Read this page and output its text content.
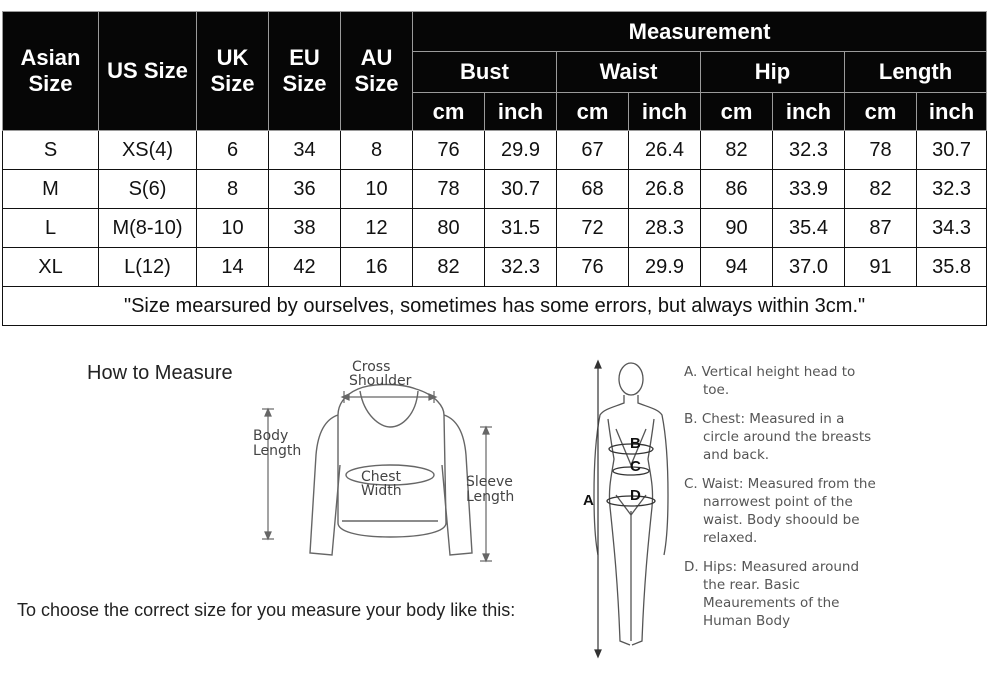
Asian Size	US Size	UK Size	EU Size	AU Size	Measurement							
					Bust		Waist		Hip		Length	
					cm	inch	cm	inch	cm	inch	cm	inch
S	XS(4)	6	34	8	76	29.9	67	26.4	82	32.3	78	30.7
M	S(6)	8	36	10	78	30.7	68	26.8	86	33.9	82	32.3
L	M(8-10)	10	38	12	80	31.5	72	28.3	90	35.4	87	34.3
XL	L(12)	14	42	16	82	32.3	76	29.9	94	37.0	91	35.8
"Size mearsured by ourselves, sometimes has some errors, but always within 3cm."												
How to Measure	Cross
Shoulder
Body
Length
Chest
Width
Sleeve
Length
To choose the correct size for you measure your body like this:
A
B
C
D

A. Vertical height head to toe.

B. Chest: Measured in a circle around the breasts and back.

C. Waist: Measured from the narrowest point of the waist. Body shoould be relaxed.

D. Hips: Measured around the rear. Basic Meaurements of the Human Body
